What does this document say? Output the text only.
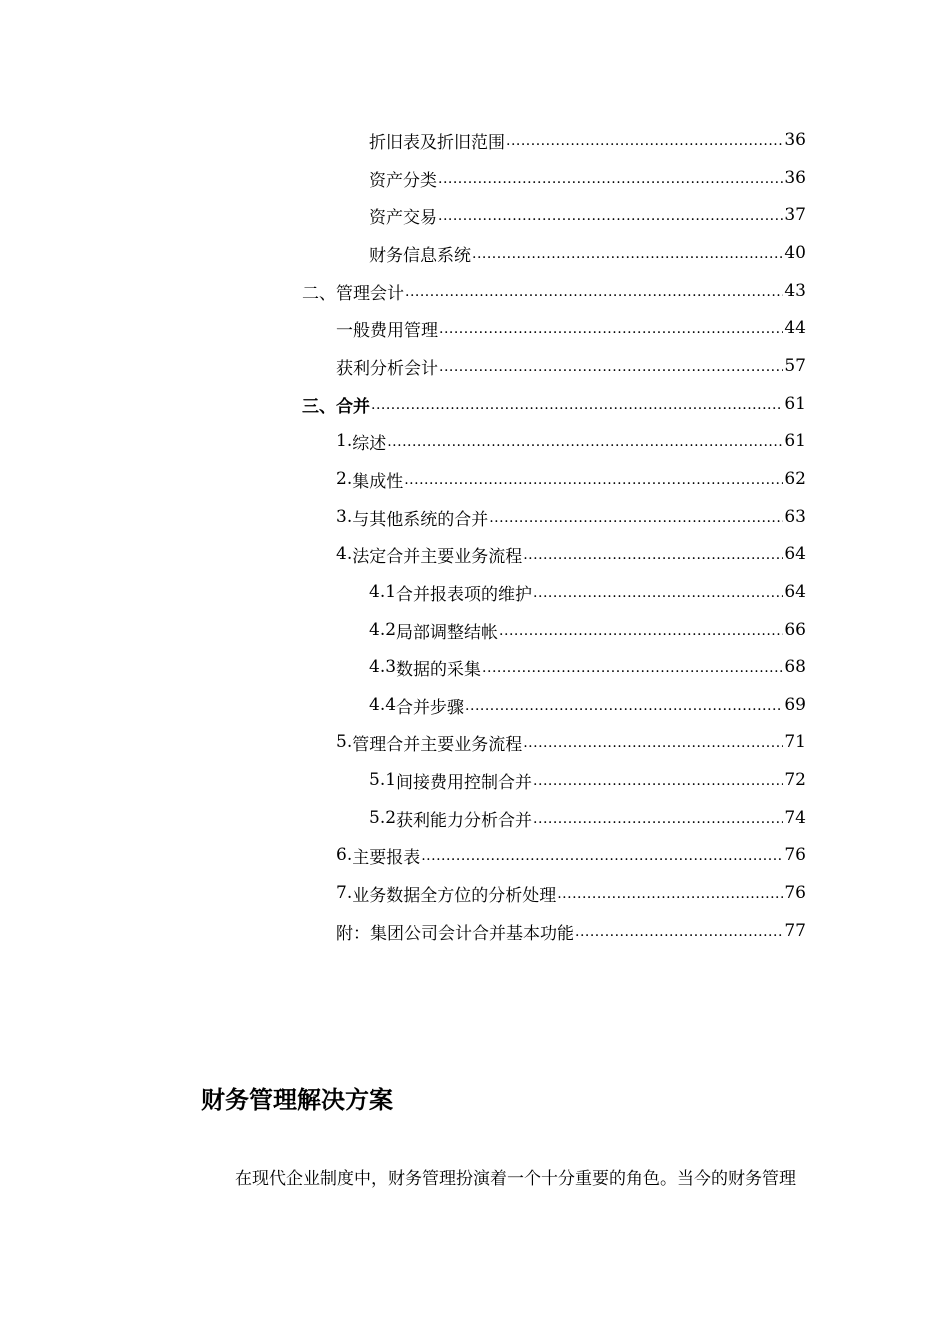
折旧表及折旧范围 .....	36
资产分类 .....	36
资产交易 .....	37
财务信息系统 .....	40
二、 管理会计 .....	43
一般费用管理 .....	44
获利分析会计 .....	57
三、 合并 .....	61
1. 综述 .....	61
2. 集成性 .....	62
3. 与其他系统的合并 .....	63
4. 法定合并主要业务流程 .....	64
4.1 合并报表项的维护 .....	64
4.2 局部调整结帐 .....	66
4.3 数据的采集 .....	68
4.4 合并步骤 .....	69
5. 管理合并主要业务流程 .....	71
5.1 间接费用控制合并 .....	72
5.2 获利能力分析合并 .....	74
6. 主要报表 .....	76
7. 业务数据全方位的分析处理 .....	76
附：集团公司会计合并基本功能 .....	77
财务管理解决方案
在现代企业制度中，财务管理扮演着一个十分重要的角色。当今的财务管理
